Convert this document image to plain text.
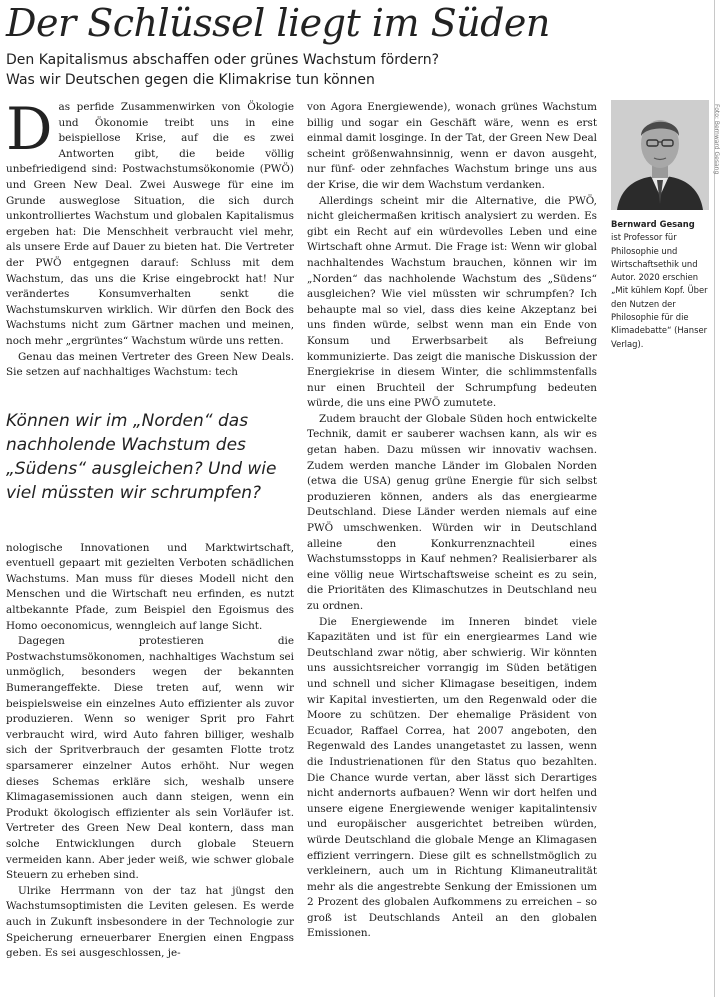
Der Schlüssel liegt im Süden
Den Kapitalismus abschaffen oder grünes Wachstum fördern?
Was wir Deutschen gegen die Klimakrise tun können
D as perfide Zusammenwirken von Ökologie und Ökonomie treibt uns in eine beispiellose Krise, auf die es zwei Antworten gibt, die beide völlig unbefriedigend sind: Postwachstumsökonomie (PWÖ) und Green New Deal. Zwei Auswege für eine im Grunde ausweglose Situation, die sich durch unkontrolliertes Wachstum und globalen Kapitalismus ergeben hat: Die Menschheit verbraucht viel mehr, als unsere Erde auf Dauer zu bieten hat. Die Vertreter der PWÖ entgegnen darauf: Schluss mit dem Wachstum, das uns die Krise eingebrockt hat! Nur verändertes Konsumverhalten senkt die Wachstumskurven wirklich. Wir dürfen den Bock des Wachstums nicht zum Gärtner machen und meinen, noch mehr „ergrüntes“ Wachstum würde uns retten.

Genau das meinen Vertreter des Green New Deals. Sie setzen auf nachhaltiges Wachstum: tech

Können wir im „Norden“ das nachholende Wachstum des „Südens“ ausgleichen? Und wie viel müssten wir schrumpfen?

nologische Innovationen und Marktwirtschaft, eventuell gepaart mit gezielten Verboten schädlichen Wachstums. Man muss für dieses Modell nicht den Menschen und die Wirtschaft neu erfinden, es nutzt altbekannte Pfade, zum Beispiel den Egoismus des Homo oeconomicus, wenngleich auf lange Sicht.

Dagegen protestieren die Postwachstumsökonomen, nachhaltiges Wachstum sei unmöglich, besonders wegen der bekannten Bumerangeffekte. Diese treten auf, wenn wir beispielsweise ein einzelnes Auto effizienter als zuvor produzieren. Wenn so weniger Sprit pro Fahrt verbraucht wird, wird Auto fahren billiger, weshalb sich der Spritverbrauch der gesamten Flotte trotz sparsamerer einzelner Autos erhöht. Nur wegen dieses Schemas erkläre sich, weshalb unsere Klimagasemissionen auch dann steigen, wenn ein Produkt ökologisch effizienter als sein Vorläufer ist. Vertreter des Green New Deal kontern, dass man solche Entwicklungen durch globale Steuern vermeiden kann. Aber jeder weiß, wie schwer globale Steuern zu erheben sind.

Ulrike Herrmann von der taz hat jüngst den Wachstumsoptimisten die Leviten gelesen. Es werde auch in Zukunft insbesondere in der Technologie zur Speicherung erneuerbarer Energien einen Engpass geben. Es sei ausgeschlossen, je-

von Agora Energiewende), wonach grünes Wachstum billig und sogar ein Geschäft wäre, wenn es erst einmal damit losginge. In der Tat, der Green New Deal scheint größenwahnsinnig, wenn er davon ausgeht, nur fünf- oder zehnfaches Wachstum bringe uns aus der Krise, die wir dem Wachstum verdanken.

Allerdings scheint mir die Alternative, die PWÖ, nicht gleichermaßen kritisch analysiert zu werden. Es gibt ein Recht auf ein würdevolles Leben und eine Wirtschaft ohne Armut. Die Frage ist: Wenn wir global nachhaltendes Wachstum brauchen, können wir im „Norden“ das nachholende Wachstum des „Südens“ ausgleichen? Wie viel müssten wir schrumpfen? Ich behaupte mal so viel, dass dies keine Akzeptanz bei uns finden würde, selbst wenn man ein Ende von Konsum und Erwerbsarbeit als Befreiung kommunizierte. Das zeigt die manische Diskussion der Energiekrise in diesem Winter, die schlimmstenfalls nur einen Bruchteil der Schrumpfung bedeuten würde, die uns eine PWÖ zumutete.

Zudem braucht der Globale Süden hoch entwickelte Technik, damit er sauberer wachsen kann, als wir es getan haben. Dazu müssen wir innovativ wachsen. Zudem werden manche Länder im Globalen Norden (etwa die USA) genug grüne Energie für sich selbst produzieren können, anders als das energiearme Deutschland. Diese Länder werden niemals auf eine PWÖ umschwenken. Würden wir in Deutschland alleine den Konkurrenznachteil eines Wachstumsstopps in Kauf nehmen? Realisierbarer als eine völlig neue Wirtschaftsweise scheint es zu sein, die Prioritäten des Klimaschutzes in Deutschland neu zu ordnen.

Die Energiewende im Inneren bindet viele Kapazitäten und ist für ein energiearmes Land wie Deutschland zwar nötig, aber schwierig. Wir könnten uns aussichtsreicher vorrangig im Süden betätigen und schnell und sicher Klimagase beseitigen, indem wir Kapital investierten, um den Regenwald oder die Moore zu schützen. Der ehemalige Präsident von Ecuador, Raffael Correa, hat 2007 angeboten, den Regenwald des Landes unangetastet zu lassen, wenn die Industrienationen für den Status quo bezahlten. Die Chance wurde vertan, aber lässt sich Derartiges nicht andernorts aufbauen? Wenn wir dort helfen und unsere eigene Energiewende weniger kapitalintensiv und europäischer ausgerichtet betreiben würden, würde Deutschland die globale Menge an Klimagasen effizient verringern. Diese gilt es schnellstmöglich zu verkleinern, auch um in Richtung Klimaneutralität mehr als die angestrebte Senkung der Emissionen um 2 Prozent des globalen Aufkommens zu erreichen – so groß ist Deutschlands Anteil an den globalen Emissionen.

Bernward Gesang
ist Professor für Philosophie und Wirtschaftsethik und Autor. 2020 erschien „Mit kühlem Kopf. Über den Nutzen der Philosophie für die Klimadebatte“ (Hanser Verlag).
Foto: Bernward Gesang
